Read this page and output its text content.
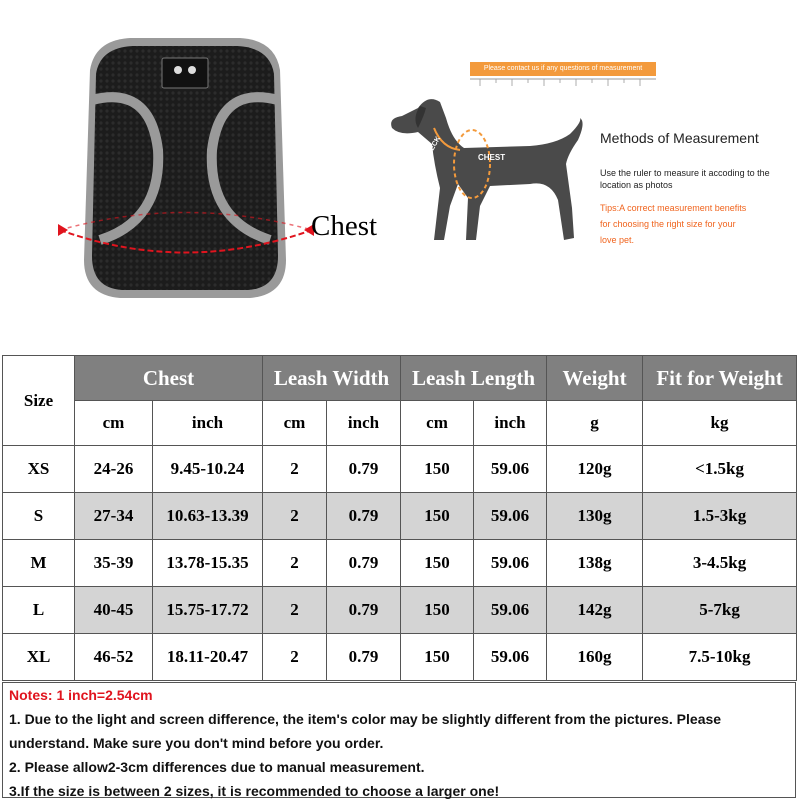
Chest
Please contact us if any questions of measurement
NECK
CHEST
Methods of Measurement
Use the ruler to measure it accoding to the location as photos
Tips:A correct measurement benefits for choosing the right size for your love pet.
Size	Chest		Leash Width		Leash Length		Weight	Fit for Weight
	cm	inch	cm	inch	cm	inch	g	kg
XS	24-26	9.45-10.24	2	0.79	150	59.06	120g	<1.5kg
S	27-34	10.63-13.39	2	0.79	150	59.06	130g	1.5-3kg
M	35-39	13.78-15.35	2	0.79	150	59.06	138g	3-4.5kg
L	40-45	15.75-17.72	2	0.79	150	59.06	142g	5-7kg
XL	46-52	18.11-20.47	2	0.79	150	59.06	160g	7.5-10kg
Notes: 1 inch=2.54cm
1. Due to the light and screen difference, the item's color may be slightly different from the pictures. Please
understand. Make sure you don't mind before you order.
2. Please allow2-3cm differences due to manual measurement.
3.If the size is between 2 sizes, it is recommended to choose a larger one!
